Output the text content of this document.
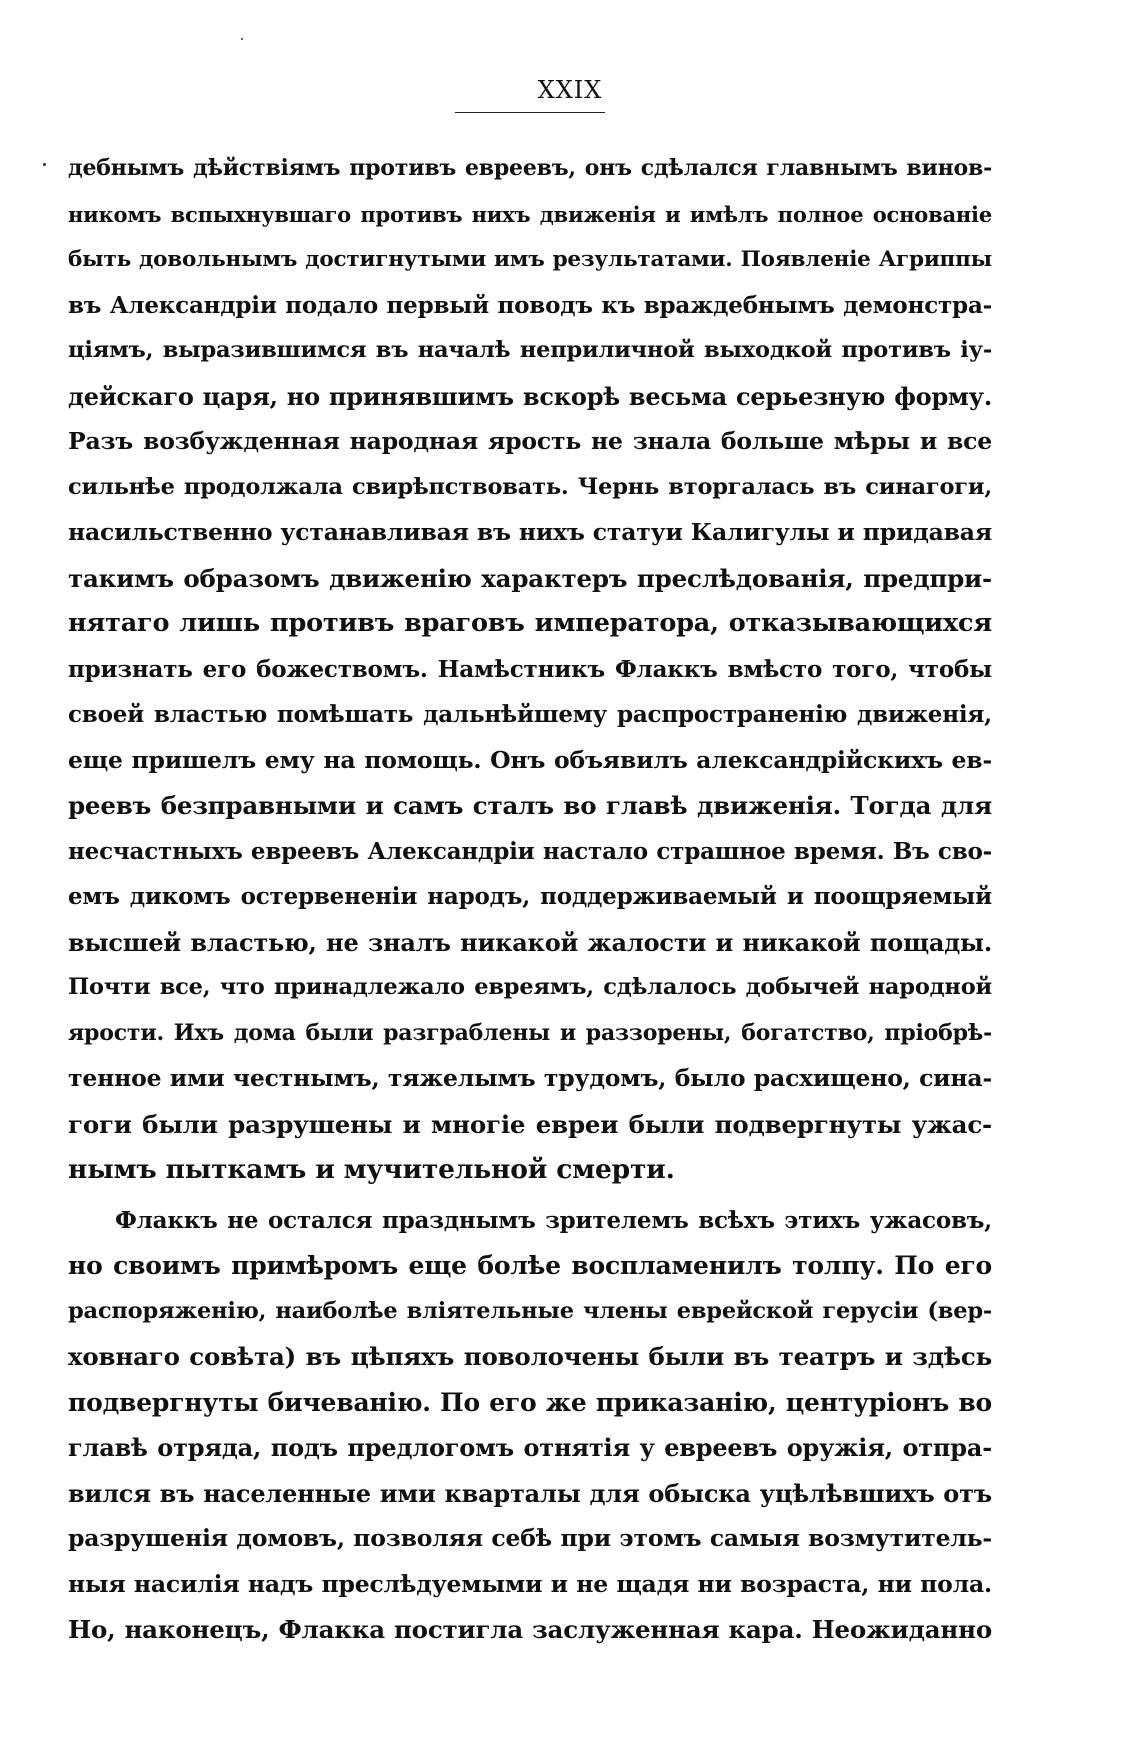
XXIX
дебнымъ дѣйствіямъ противъ евреевъ, онъ сдѣлался главнымъ винов-
никомъ вспыхнувшаго противъ нихъ движенія и имѣлъ полное основаніе
быть довольнымъ достигнутыми имъ результатами. Появленіе Агриппы
въ Александріи подало первый поводъ къ враждебнымъ демонстра-
ціямъ, выразившимся въ началѣ неприличной выходкой противъ іу-
дейскаго царя, но принявшимъ вскорѣ весьма серьезную форму.
Разъ возбужденная народная ярость не знала больше мѣры и все
сильнѣе продолжала свирѣпствовать. Чернь вторгалась въ синагоги,
насильственно устанавливая въ нихъ статуи Калигулы и придавая
такимъ образомъ движенію характеръ преслѣдованія, предпри-
нятаго лишь противъ враговъ императора, отказывающихся
признать его божествомъ. Намѣстникъ Флаккъ вмѣсто того, чтобы
своей властью помѣшать дальнѣйшему распространенію движенія,
еще пришелъ ему на помощь. Онъ объявилъ александрійскихъ ев-
реевъ безправными и самъ сталъ во главѣ движенія. Тогда для
несчастныхъ евреевъ Александріи настало страшное время. Въ сво-
емъ дикомъ остервененіи народъ, поддерживаемый и поощряемый
высшей властью, не зналъ никакой жалости и никакой пощады.
Почти все, что принадлежало евреямъ, сдѣлалось добычей народной
ярости. Ихъ дома были разграблены и раззорены, богатство, пріобрѣ-
тенное ими честнымъ, тяжелымъ трудомъ, было расхищено, сина-
гоги были разрушены и многіе евреи были подвергнуты ужас-
нымъ пыткамъ и мучительной смерти.
Флаккъ не остался празднымъ зрителемъ всѣхъ этихъ ужасовъ,
но своимъ примѣромъ еще болѣе воспламенилъ толпу. По его
распоряженію, наиболѣе вліятельные члены еврейской герусіи (вер-
ховнаго совѣта) въ цѣпяхъ поволочены были въ театръ и здѣсь
подвергнуты бичеванію. По его же приказанію, центуріонъ во
главѣ отряда, подъ предлогомъ отнятія у евреевъ оружія, отпра-
вился въ населенные ими кварталы для обыска уцѣлѣвшихъ отъ
разрушенія домовъ, позволяя себѣ при этомъ самыя возмутитель-
ныя насилія надъ преслѣдуемыми и не щадя ни возраста, ни пола.
Но, наконецъ, Флакка постигла заслуженная кара. Неожиданно
